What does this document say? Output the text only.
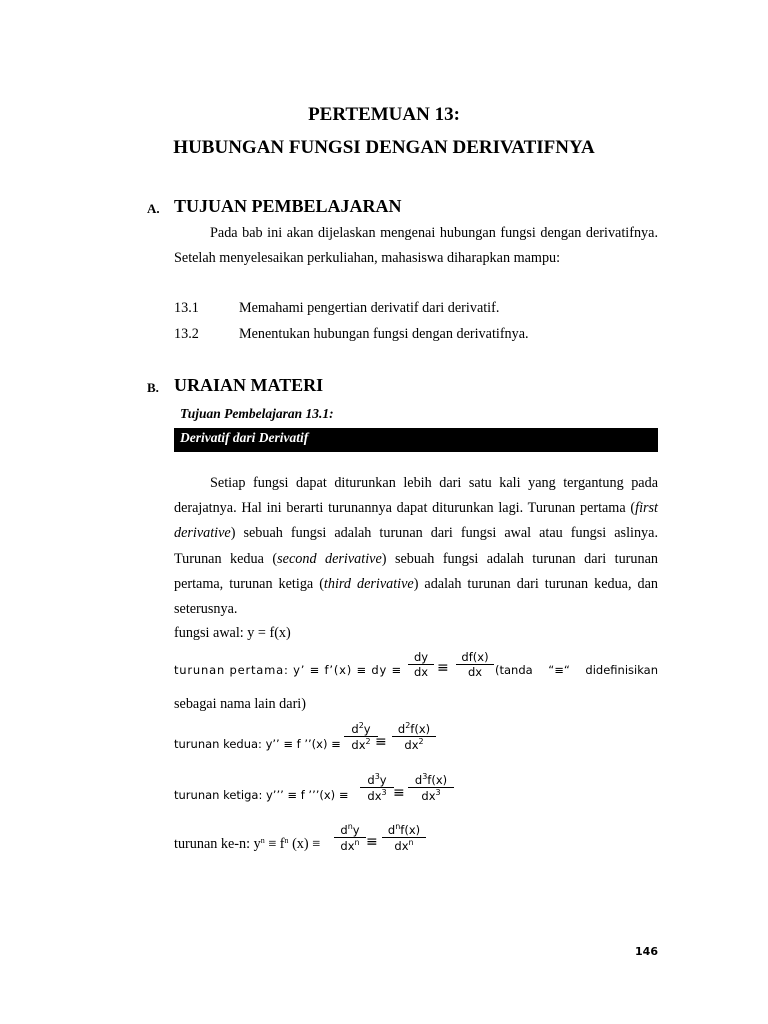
PERTEMUAN 13:
HUBUNGAN FUNGSI DENGAN DERIVATIFNYA
A. TUJUAN PEMBELAJARAN
Pada bab ini akan dijelaskan mengenai hubungan fungsi dengan derivatifnya. Setelah menyelesaikan perkuliahan, mahasiswa diharapkan mampu:
13.1	Memahami pengertian derivatif dari derivatif.
13.2	Menentukan hubungan fungsi dengan derivatifnya.
B. URAIAN MATERI
Tujuan Pembelajaran 13.1:
Derivatif dari Derivatif
Setiap fungsi dapat diturunkan lebih dari satu kali yang tergantung pada derajatnya. Hal ini berarti turunannya dapat diturunkan lagi. Turunan pertama (first derivative) sebuah fungsi adalah turunan dari fungsi awal atau fungsi aslinya. Turunan kedua (second derivative) sebuah fungsi adalah turunan dari turunan pertama, turunan ketiga (third derivative) adalah turunan dari turunan kedua, dan seterusnya.
fungsi awal: y = f(x)
turunan pertama: y’ ≡ f’(x) ≡ dy ≡
dy
dx ≡
df(x)
dx	(tanda “≡“ didefinisikan
sebagai nama lain dari)
turunan kedua: y’’ ≡ f ’’(x) ≡
$d^2y$
$dx^2$ ≡
$d^2f(x)$
$dx^2$
turunan ketiga: y’’’ ≡ f ’’’(x) ≡
$d^3y$
$dx^3$ ≡
$d^3f(x)$
$dx^3$
turunan ke-n: $y^n \equiv f^n$ (x) ≡
$d^ny$
$dx^n$ ≡
$d^nf(x)$
$dx^n$
146
